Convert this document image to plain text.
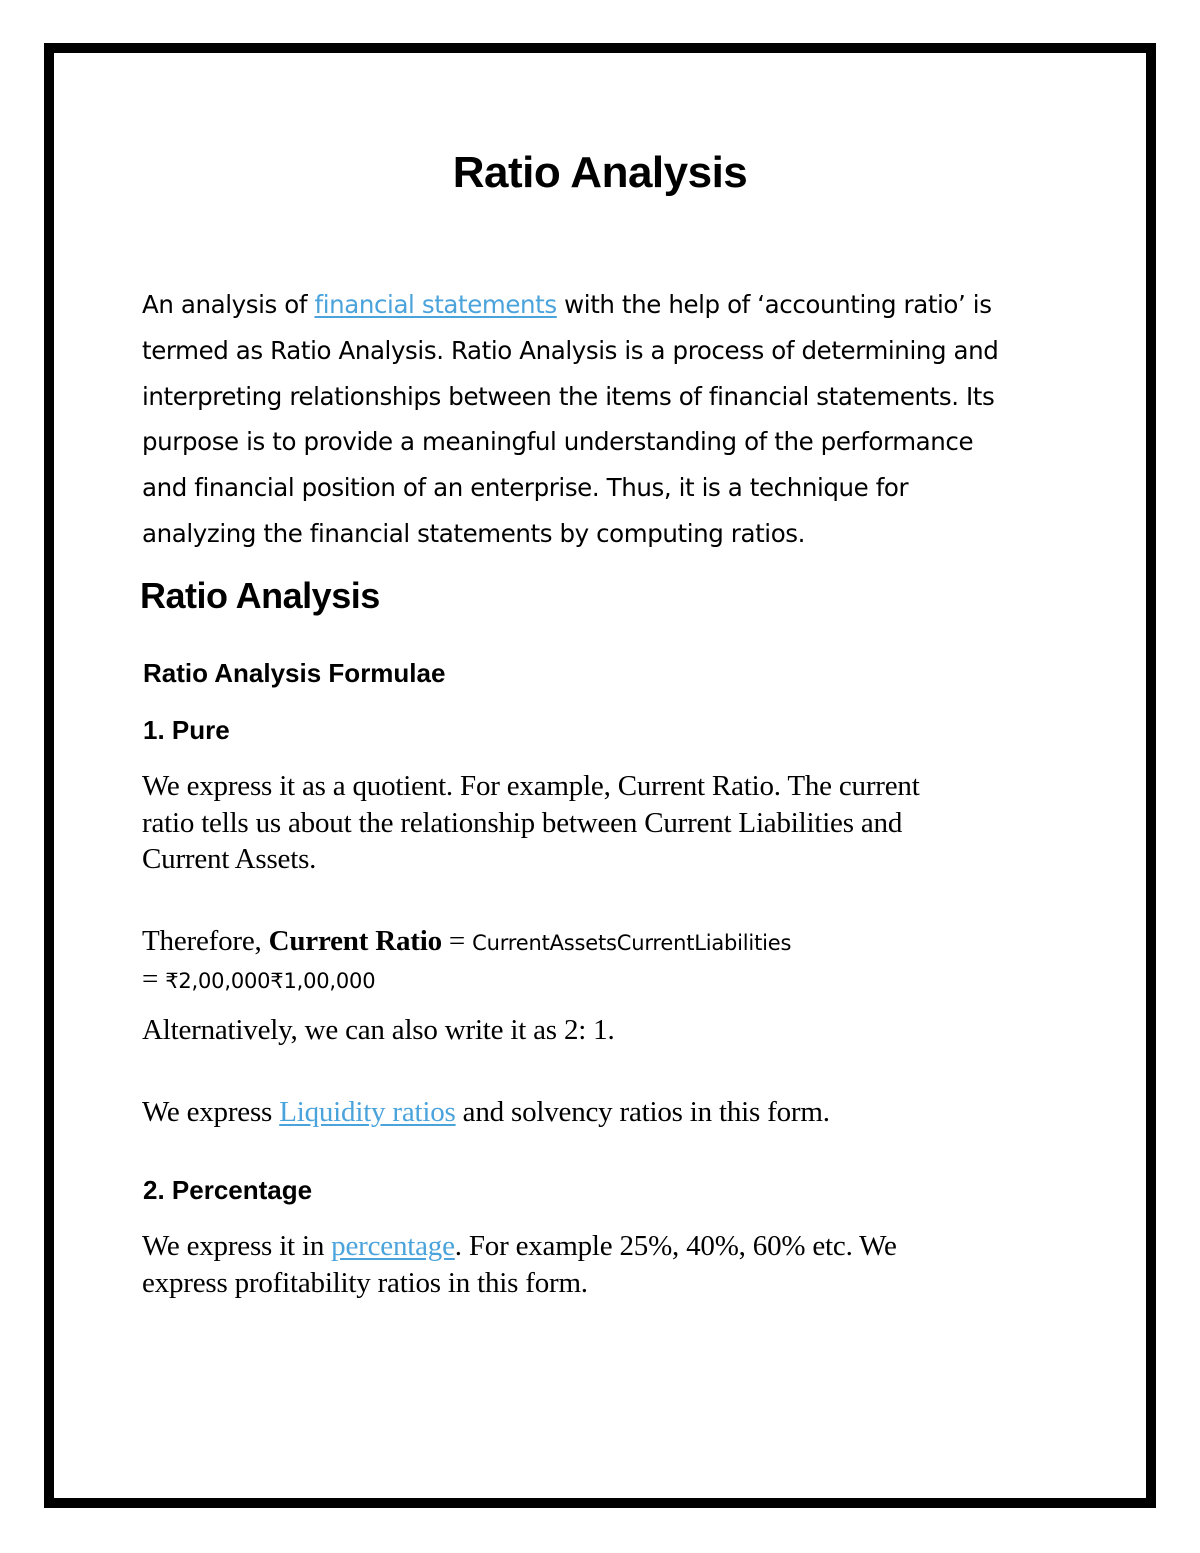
Ratio Analysis
An analysis of financial statements with the help of ‘accounting ratio’ is
termed as Ratio Analysis. Ratio Analysis is a process of determining and
interpreting relationships between the items of financial statements. Its
purpose is to provide a meaningful understanding of the performance
and financial position of an enterprise. Thus, it is a technique for
analyzing the financial statements by computing ratios.
Ratio Analysis
Ratio Analysis Formulae
1. Pure
We express it as a quotient. For example, Current Ratio. The current
ratio tells us about the relationship between Current Liabilities and
Current Assets.
Therefore, Current Ratio = CurrentAssetsCurrentLiabilities
= ₹2,00,000₹1,00,000
Alternatively, we can also write it as 2: 1.
We express Liquidity ratios and solvency ratios in this form.
2. Percentage
We express it in percentage. For example 25%, 40%, 60% etc. We
express profitability ratios in this form.
